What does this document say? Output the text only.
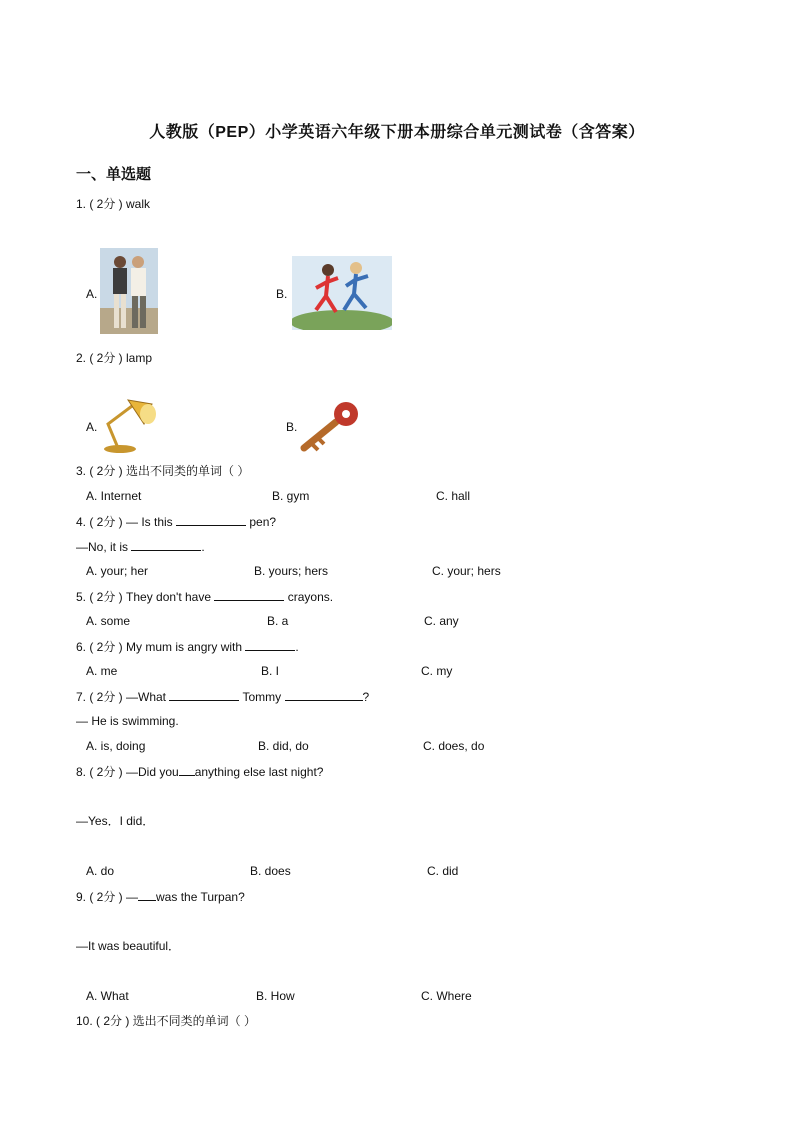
人教版（PEP）小学英语六年级下册本册综合单元测试卷（含答案）
一、单选题
1. ( 2分 ) walk
A.	B.
2. ( 2分 ) lamp
A.	B.
3. ( 2分 ) 选出不同类的单词（ ）
A. Internet	B. gym	C. hall
4. ( 2分 ) — Is this	pen?
—No, it is	.
A. your; her	B. yours; hers	C. your; hers
5. ( 2分 ) They don't have	crayons.
A. some	B. a	C. any
6. ( 2分 ) My mum is angry with	.
A. me	B. I	C. my
7. ( 2分 ) —What	Tommy	?
— He is swimming.
A. is, doing	B. did, do	C. does, do
8. ( 2分 ) —Did you anything else last night?
—Yes．I did．
A. do	B. does	C. did
9. ( 2分 ) — was the Turpan?
—It was beautiful．
A. What	B. How	C. Where
10. ( 2分 ) 选出不同类的单词（ ）
